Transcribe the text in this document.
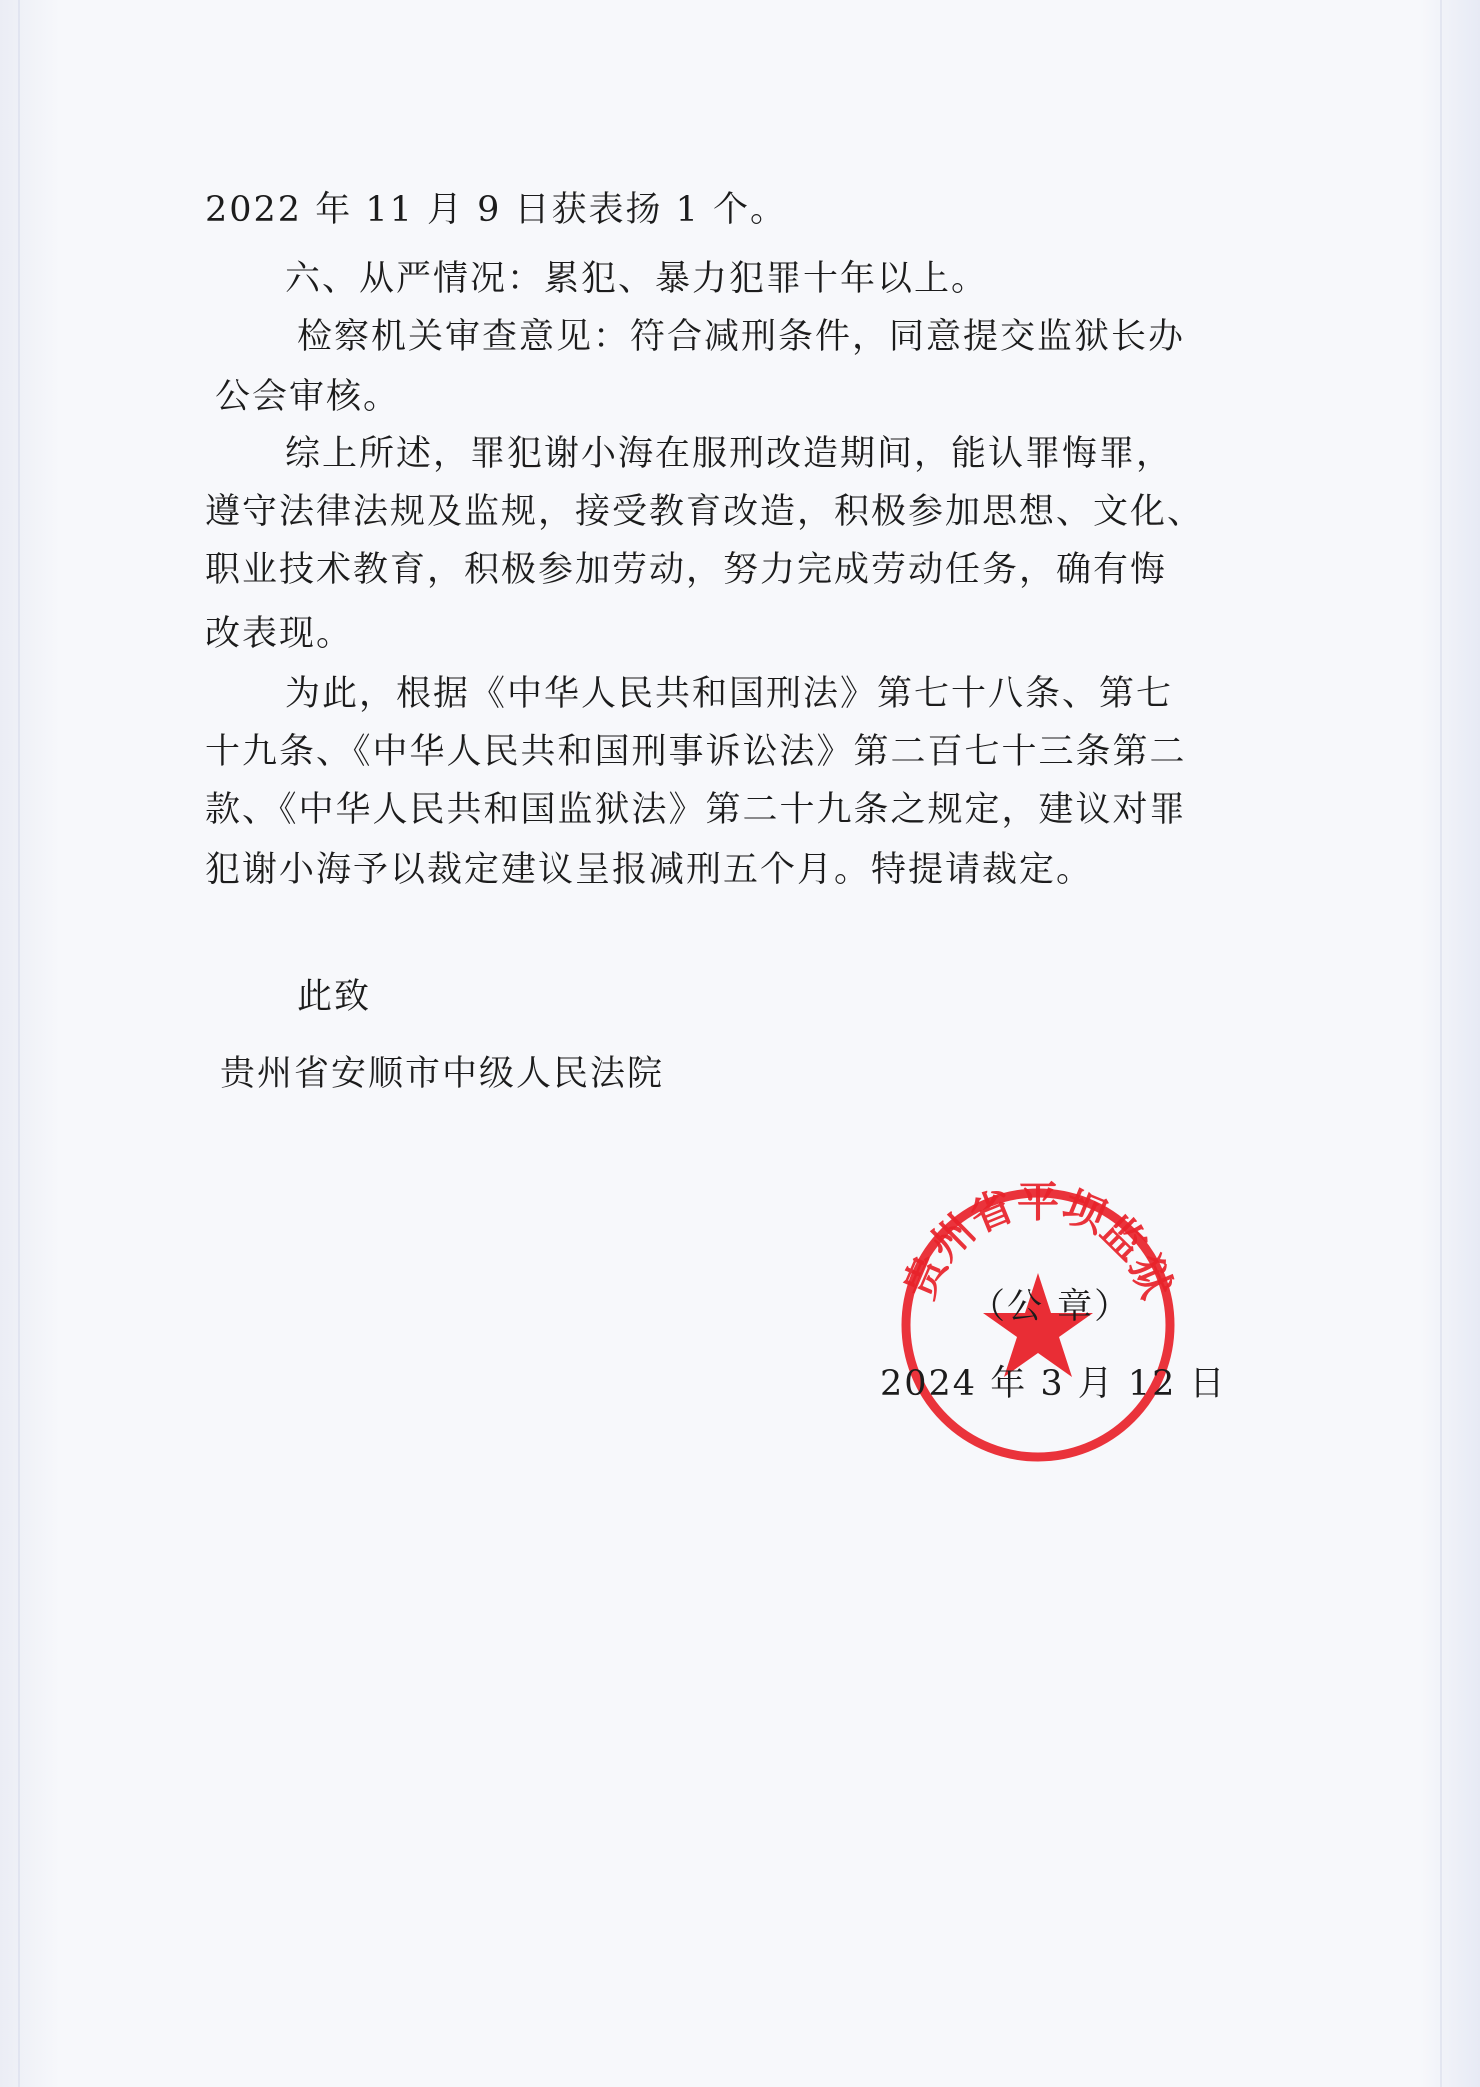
2022 年 11 月 9 日获表扬 1 个。
六、从严情况：累犯、暴力犯罪十年以上。
检察机关审查意见：符合减刑条件，同意提交监狱长办
公会审核。
综上所述，罪犯谢小海在服刑改造期间，能认罪悔罪，
遵守法律法规及监规，接受教育改造，积极参加思想、文化、
职业技术教育，积极参加劳动，努力完成劳动任务，确有悔
改表现。
为此，根据《中华人民共和国刑法》第七十八条、第七
十九条、《中华人民共和国刑事诉讼法》第二百七十三条第二
款、《中华人民共和国监狱法》第二十九条之规定，建议对罪
犯谢小海予以裁定建议呈报减刑五个月。特提请裁定。
此致
贵州省安顺市中级人民法院
贵州省平坝监狱
（公 章）
2024 年 3 月 12 日
